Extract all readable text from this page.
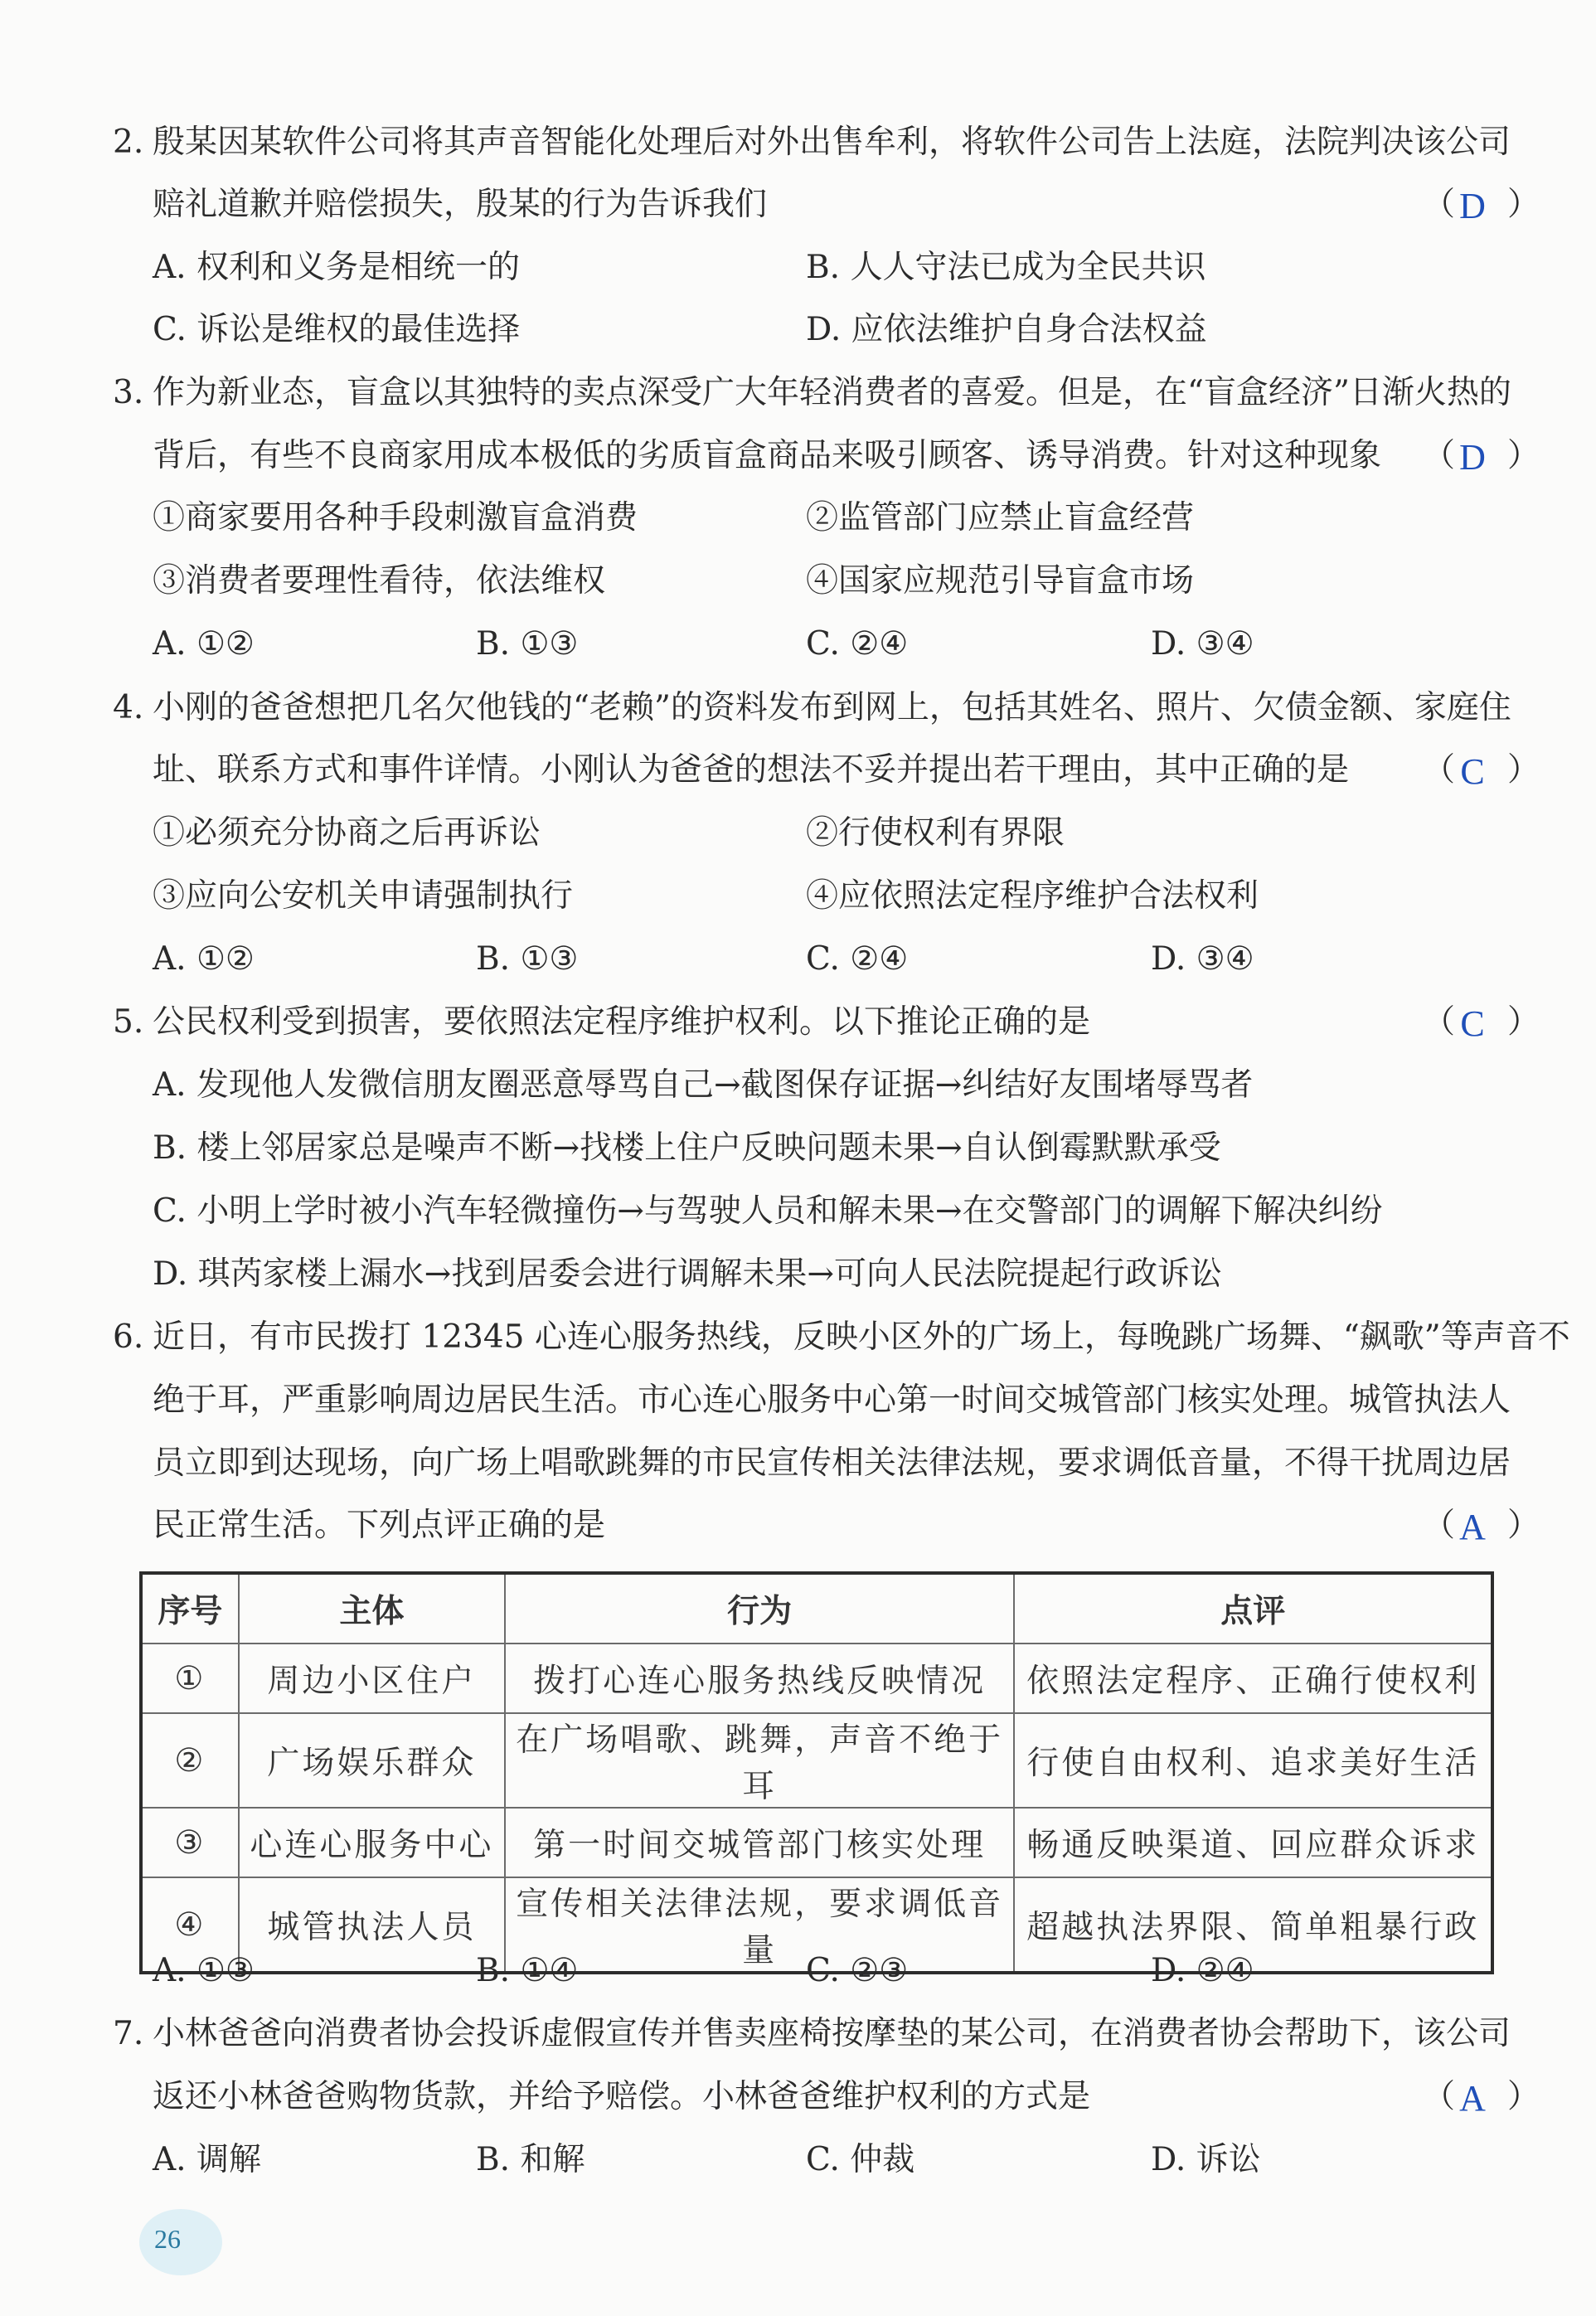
2. 殷某因某软件公司将其声音智能化处理后对外出售牟利，将软件公司告上法庭，法院判决该公司
赔礼道歉并赔偿损失，殷某的行为告诉我们	（ D ）
A. 权利和义务是相统一的	B. 人人守法已成为全民共识
C. 诉讼是维权的最佳选择	D. 应依法维护自身合法权益
3. 作为新业态，盲盒以其独特的卖点深受广大年轻消费者的喜爱。但是，在“盲盒经济”日渐火热的
背后，有些不良商家用成本极低的劣质盲盒商品来吸引顾客、诱导消费。针对这种现象 （ D ）
①商家要用各种手段刺激盲盒消费	②监管部门应禁止盲盒经营
③消费者要理性看待，依法维权	④国家应规范引导盲盒市场
A. ①②	B. ①③	C. ②④	D. ③④
4. 小刚的爸爸想把几名欠他钱的“老赖”的资料发布到网上，包括其姓名、照片、欠债金额、家庭住
址、联系方式和事件详情。小刚认为爸爸的想法不妥并提出若干理由，其中正确的是 （ C ）
①必须充分协商之后再诉讼	②行使权利有界限
③应向公安机关申请强制执行	④应依照法定程序维护合法权利
A. ①②	B. ①③	C. ②④	D. ③④
5. 公民权利受到损害，要依照法定程序维护权利。以下推论正确的是	（ C ）
A. 发现他人发微信朋友圈恶意辱骂自己→截图保存证据→纠结好友围堵辱骂者
B. 楼上邻居家总是噪声不断→找楼上住户反映问题未果→自认倒霉默默承受
C. 小明上学时被小汽车轻微撞伤→与驾驶人员和解未果→在交警部门的调解下解决纠纷
D. 琪芮家楼上漏水→找到居委会进行调解未果→可向人民法院提起行政诉讼
6. 近日，有市民拨打 12345 心连心服务热线，反映小区外的广场上，每晚跳广场舞、“飙歌”等声音不
绝于耳，严重影响周边居民生活。市心连心服务中心第一时间交城管部门核实处理。城管执法人
员立即到达现场，向广场上唱歌跳舞的市民宣传相关法律法规，要求调低音量，不得干扰周边居
民正常生活。下列点评正确的是	（ A ）
序号	主体	行为	点评
①	周边小区住户	拨打心连心服务热线反映情况	依照法定程序、正确行使权利
②	广场娱乐群众	在广场唱歌、跳舞，声音不绝于耳	行使自由权利、追求美好生活
③	心连心服务中心	第一时间交城管部门核实处理	畅通反映渠道、回应群众诉求
④	城管执法人员	宣传相关法律法规，要求调低音量	超越执法界限、简单粗暴行政
A. ①③	B. ①④	C. ②③	D. ②④
7. 小林爸爸向消费者协会投诉虚假宣传并售卖座椅按摩垫的某公司，在消费者协会帮助下，该公司
返还小林爸爸购物货款，并给予赔偿。小林爸爸维护权利的方式是	（ A ）
A. 调解	B. 和解	C. 仲裁	D. 诉讼
26
